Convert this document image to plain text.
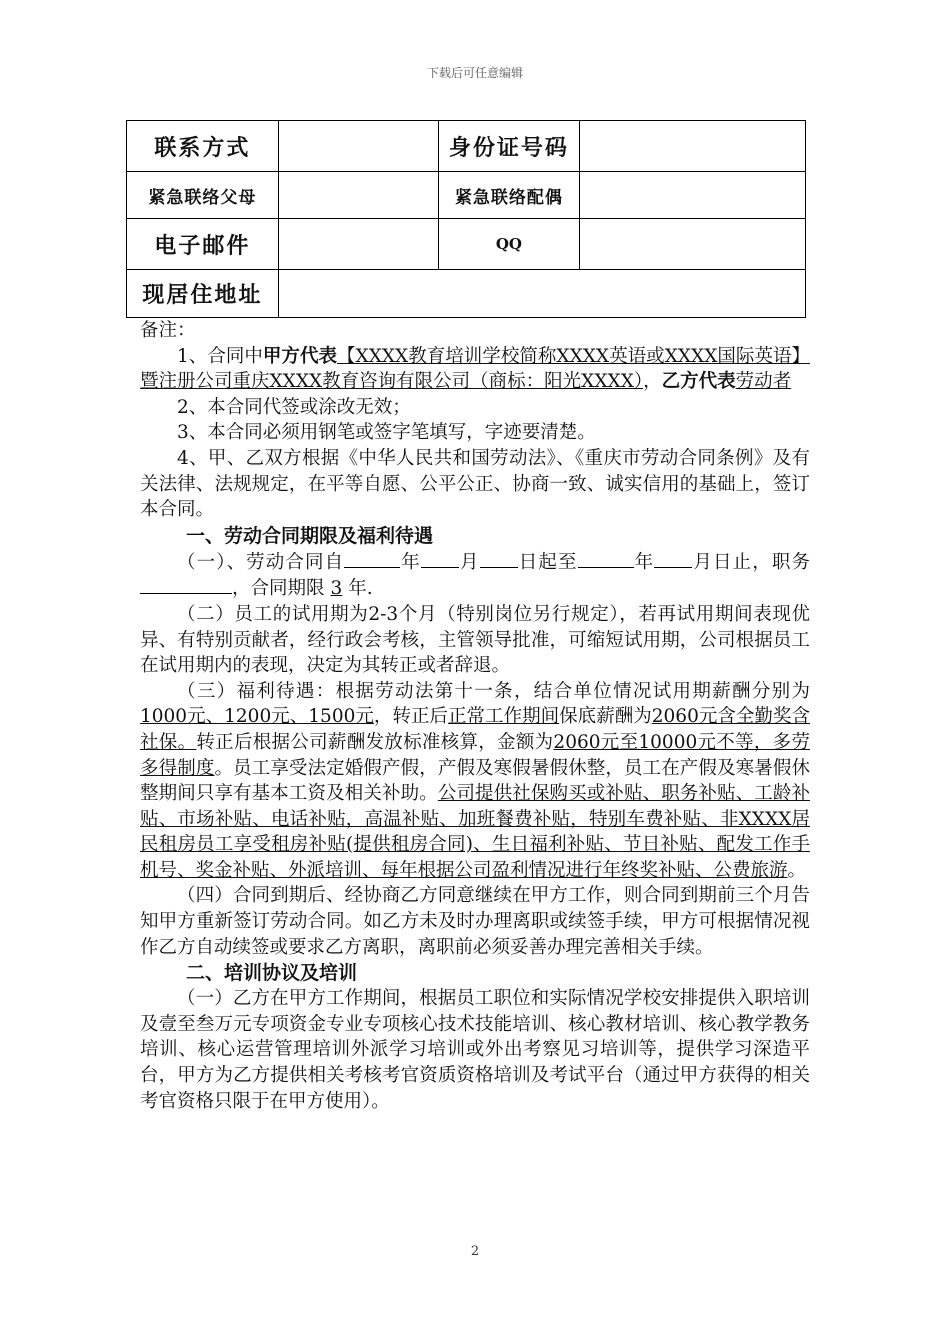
下载后可任意编辑
联系方式		身份证号码	
紧急联络父母		紧急联络配偶	
电子邮件		QQ	
现居住地址			

备注：

1、合同中甲方代表【XXXX教育培训学校简称XXXX英语或XXXX国际英语】暨注册公司重庆XXXX教育咨询有限公司（商标：阳光XXXX），乙方代表劳动者

2、本合同代签或涂改无效；

3、本合同必须用钢笔或签字笔填写，字迹要清楚。

4、甲、乙双方根据《中华人民共和国劳动法》、《重庆市劳动合同条例》及有关法律、法规规定，在平等自愿、公平公正、协商一致、诚实信用的基础上，签订本合同。

一、劳动合同期限及福利待遇

（一）、劳动合同自	年 月 日起至	年 月日止，职务，合同期限 3 年.

（二）员工的试用期为2-3个月（特别岗位另行规定），若再试用期间表现优异、有特别贡献者，经行政会考核，主管领导批准，可缩短试用期，公司根据员工在试用期内的表现，决定为其转正或者辞退。

（三）福利待遇：根据劳动法第十一条，结合单位情况试用期薪酬分别为1000元、1200元、1500元，转正后正常工作期间保底薪酬为2060元含全勤奖含社保。转正后根据公司薪酬发放标准核算，金额为2060元至10000元不等，多劳多得制度。员工享受法定婚假产假，产假及寒假暑假休整，员工在产假及寒暑假休整期间只享有基本工资及相关补助。公司提供社保购买或补贴、职务补贴、工龄补贴、市场补贴、电话补贴，高温补贴、加班餐费补贴，特别车费补贴、非XXXX居民租房员工享受租房补贴(提供租房合同)、生日福利补贴、节日补贴、配发工作手机号、奖金补贴、外派培训、每年根据公司盈利情况进行年终奖补贴、公费旅游。

（四）合同到期后、经协商乙方同意继续在甲方工作，则合同到期前三个月告知甲方重新签订劳动合同。如乙方未及时办理离职或续签手续，甲方可根据情况视作乙方自动续签或要求乙方离职，离职前必须妥善办理完善相关手续。

二、培训协议及培训

（一）乙方在甲方工作期间，根据员工职位和实际情况学校安排提供入职培训及壹至叁万元专项资金专业专项核心技术技能培训、核心教材培训、核心教学教务培训、核心运营管理培训外派学习培训或外出考察见习培训等，提供学习深造平台，甲方为乙方提供相关考核考官资质资格培训及考试平台（通过甲方获得的相关考官资格只限于在甲方使用）。

2
